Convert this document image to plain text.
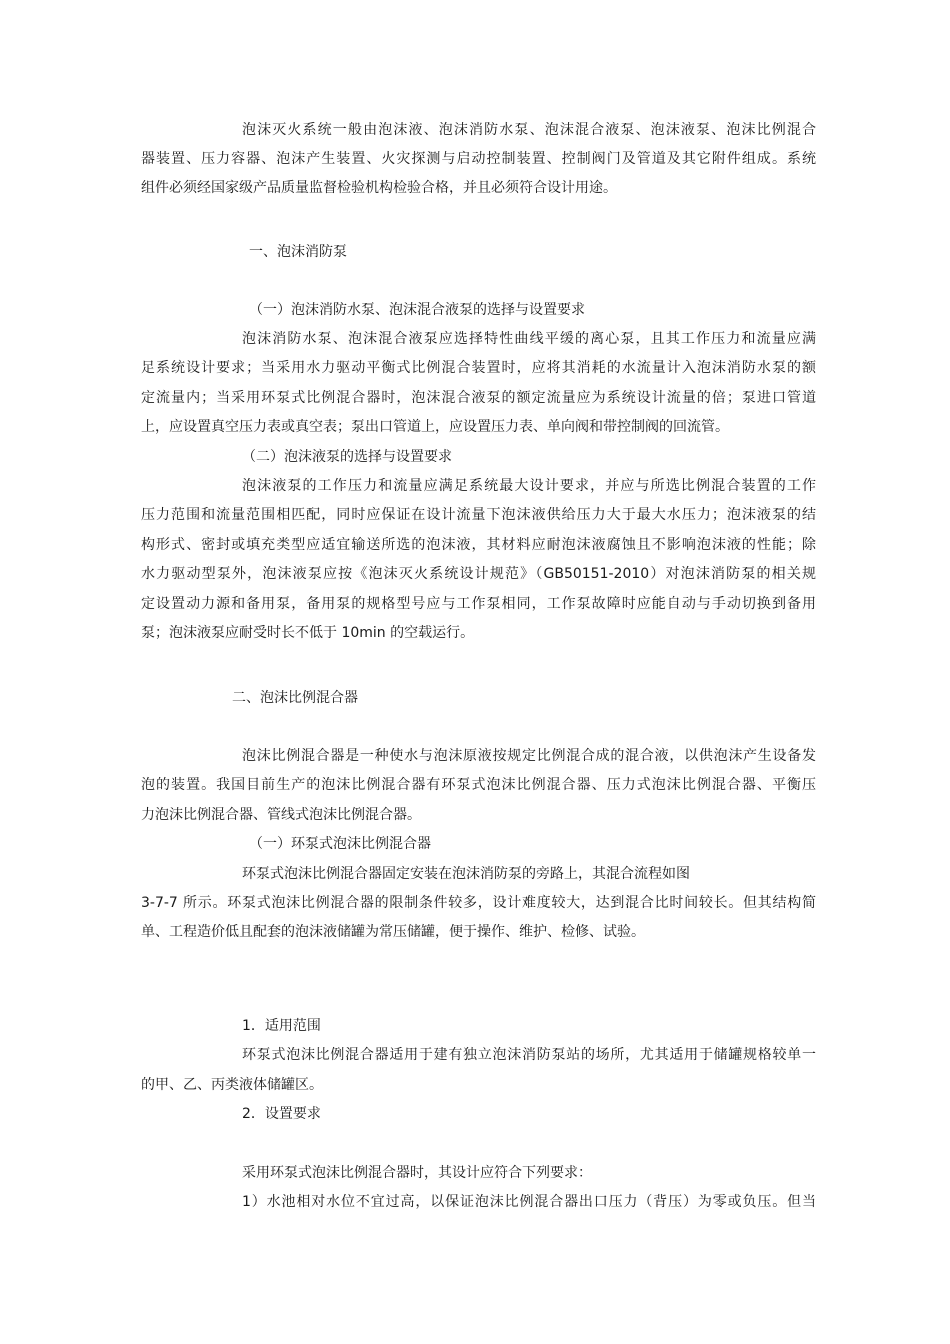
泡沫灭火系统一般由泡沫液、泡沫消防水泵、泡沫混合液泵、泡沫液泵、泡沫比例混合
器装置、压力容器、泡沫产生装置、火灾探测与启动控制装置、控制阀门及管道及其它附件组成。系统
组件必须经国家级产品质量监督检验机构检验合格，并且必须符合设计用途。
一、泡沫消防泵
（一）泡沫消防水泵、泡沫混合液泵的选择与设置要求
泡沫消防水泵、泡沫混合液泵应选择特性曲线平缓的离心泵，且其工作压力和流量应满
足系统设计要求；当采用水力驱动平衡式比例混合装置时，应将其消耗的水流量计入泡沫消防水泵的额
定流量内；当采用环泵式比例混合器时，泡沫混合液泵的额定流量应为系统设计流量的倍；泵进口管道
上，应设置真空压力表或真空表；泵出口管道上，应设置压力表、单向阀和带控制阀的回流管。
（二）泡沫液泵的选择与设置要求
泡沫液泵的工作压力和流量应满足系统最大设计要求，并应与所选比例混合装置的工作
压力范围和流量范围相匹配，同时应保证在设计流量下泡沫液供给压力大于最大水压力；泡沫液泵的结
构形式、密封或填充类型应适宜输送所选的泡沫液，其材料应耐泡沫液腐蚀且不影响泡沫液的性能；除
水力驱动型泵外，泡沫液泵应按《泡沫灭火系统设计规范》（GB50151-2010）对泡沫消防泵的相关规
定设置动力源和备用泵，备用泵的规格型号应与工作泵相同，工作泵故障时应能自动与手动切换到备用
泵；泡沫液泵应耐受时长不低于 10min 的空载运行。
二、泡沫比例混合器
泡沫比例混合器是一种使水与泡沫原液按规定比例混合成的混合液，以供泡沫产生设备发
泡的装置。我国目前生产的泡沫比例混合器有环泵式泡沫比例混合器、压力式泡沫比例混合器、平衡压
力泡沫比例混合器、管线式泡沫比例混合器。
（一）环泵式泡沫比例混合器
环泵式泡沫比例混合器固定安装在泡沫消防泵的旁路上，其混合流程如图
3-7-7 所示。环泵式泡沫比例混合器的限制条件较多，设计难度较大，达到混合比时间较长。但其结构简
单、工程造价低且配套的泡沫液储罐为常压储罐，便于操作、维护、检修、试验。
1．适用范围
环泵式泡沫比例混合器适用于建有独立泡沫消防泵站的场所，尤其适用于储罐规格较单一
的甲、乙、丙类液体储罐区。
2．设置要求
采用环泵式泡沫比例混合器时，其设计应符合下列要求：
1）水池相对水位不宜过高，以保证泡沫比例混合器出口压力（背压）为零或负压。但当
